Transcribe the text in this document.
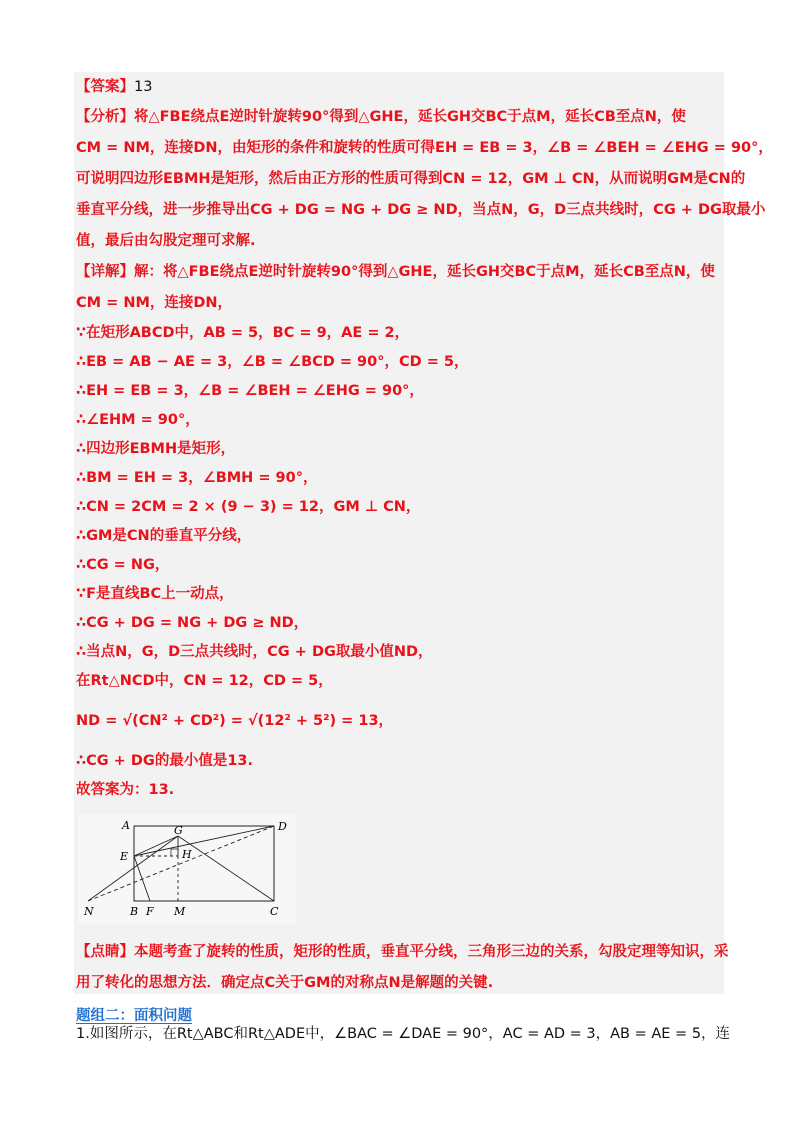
【答案】13
【分析】将△FBE绕点E逆时针旋转90°得到△GHE，延长GH交BC于点M，延长CB至点N，使
CM = NM，连接DN，由矩形的条件和旋转的性质可得EH = EB = 3，∠B = ∠BEH = ∠EHG = 90°，
可说明四边形EBMH是矩形，然后由正方形的性质可得到CN = 12，GM ⊥ CN，从而说明GM是CN的
垂直平分线，进一步推导出CG + DG = NG + DG ≥ ND，当点N，G，D三点共线时，CG + DG取最小
值，最后由勾股定理可求解.
【详解】解：将△FBE绕点E逆时针旋转90°得到△GHE，延长GH交BC于点M，延长CB至点N，使
CM = NM，连接DN，
∵在矩形ABCD中，AB = 5，BC = 9，AE = 2，
∴EB = AB − AE = 3，∠B = ∠BCD = 90°，CD = 5，
∴EH = EB = 3，∠B = ∠BEH = ∠EHG = 90°，
∴∠EHM = 90°，
∴四边形EBMH是矩形，
∴BM = EH = 3，∠BMH = 90°，
∴CN = 2CM = 2 × (9 − 3) = 12，GM ⊥ CN，
∴GM是CN的垂直平分线，
∴CG = NG，
∵F是直线BC上一动点，
∴CG + DG = NG + DG ≥ ND，
∴当点N，G，D三点共线时，CG + DG取最小值ND，
在Rt△NCD中，CN = 12，CD = 5，
ND = √(CN² + CD²) = √(12² + 5²) = 13，
∴CG + DG的最小值是13.
故答案为：13.
A	G	D
E	H
N	B F M	C
【点睛】本题考查了旋转的性质，矩形的性质，垂直平分线，三角形三边的关系，勾股定理等知识，采
用了转化的思想方法．确定点C关于GM的对称点N是解题的关键.
题组二：面积问题
1.如图所示，在Rt△ABC和Rt△ADE中，∠BAC = ∠DAE = 90°，AC = AD = 3，AB = AE = 5，连
